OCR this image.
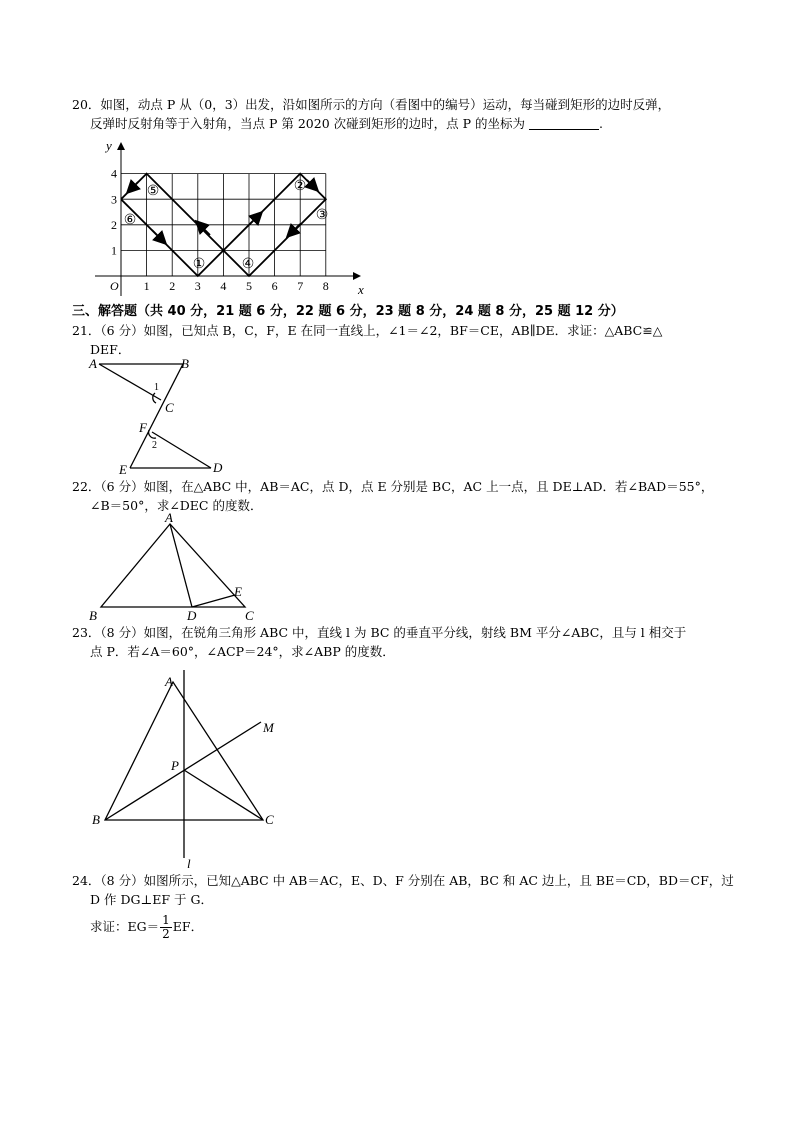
20．如图，动点 P 从（0，3）出发，沿如图所示的方向（看图中的编号）运动，每当碰到矩形的边时反弹，
反弹时反射角等于入射角，当点 P 第 2020 次碰到矩形的边时，点 P 的坐标为	.
x
y
O 1 2 3 4 5 6 7 8
1
2
3
4
①
②
③
④
⑤
⑥
三、解答题（共 40 分，21 题 6 分，22 题 6 分，23 题 8 分，24 题 8 分，25 题 12 分）
21．（6 分）如图，已知点 B，C，F，E 在同一直线上，∠1＝∠2，BF＝CE，AB∥DE．求证：△ABC≌△
DEF．
A	B
C
F
E	D
1
2
22．（6 分）如图，在△ABC 中，AB＝AC，点 D，点 E 分别是 BC，AC 上一点，且 DE⊥AD．若∠BAD＝55°，
∠B＝50°，求∠DEC 的度数．
A
B	C
D
E
23．（8 分）如图，在锐角三角形 ABC 中，直线 l 为 BC 的垂直平分线，射线 BM 平分∠ABC，且与 l 相交于
点 P．若∠A＝60°，∠ACP＝24°，求∠ABP 的度数．
A
B	C
M
P
l
24．（8 分）如图所示，已知△ABC 中 AB＝AC，E、D、F 分别在 AB，BC 和 AC 边上，且 BE＝CD，BD＝CF，过
D 作 DG⊥EF 于 G．
求证：$EG= \frac{1}{2}$ EF．
